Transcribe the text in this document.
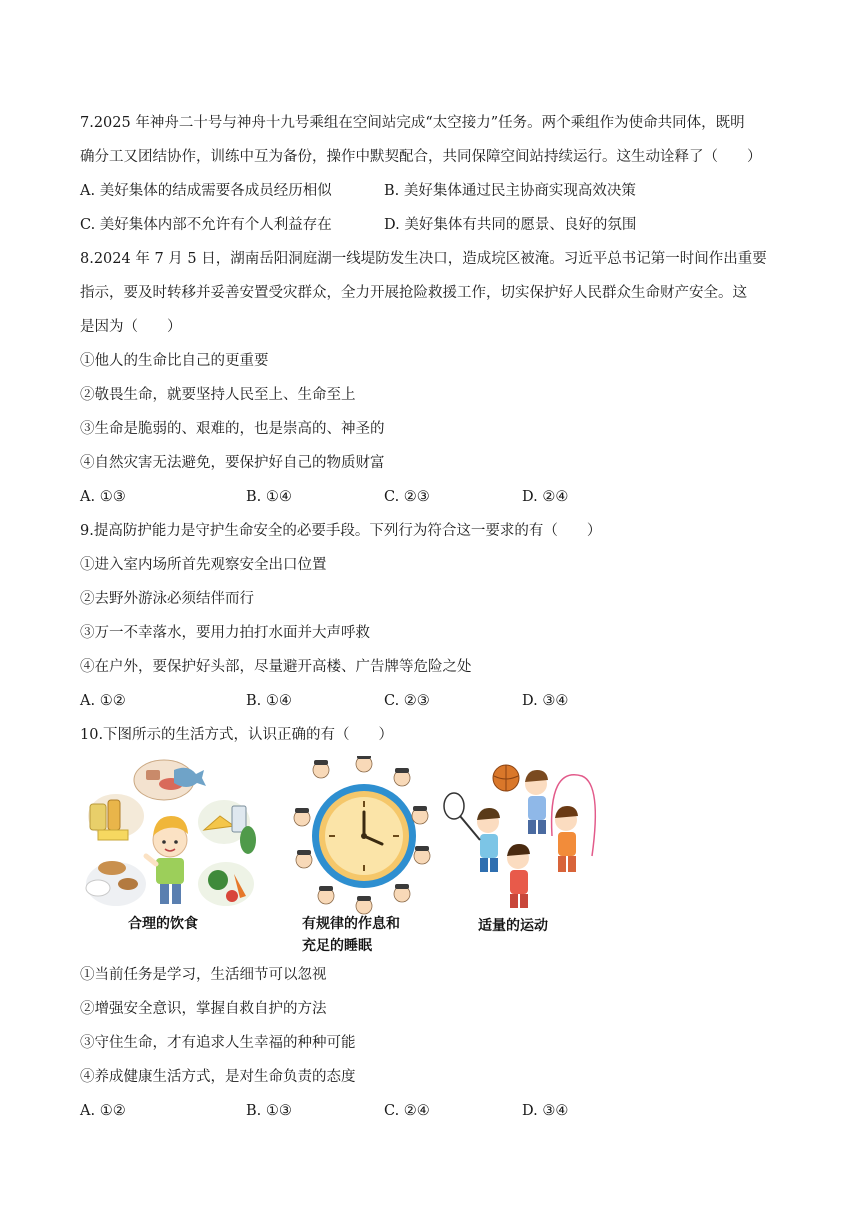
7.2025 年神舟二十号与神舟十九号乘组在空间站完成“太空接力”任务。两个乘组作为使命共同体，既明
确分工又团结协作，训练中互为备份，操作中默契配合，共同保障空间站持续运行。这生动诠释了（　　）
A. 美好集体的结成需要各成员经历相似	B. 美好集体通过民主协商实现高效决策
C. 美好集体内部不允许有个人利益存在	D. 美好集体有共同的愿景、良好的氛围
8.2024 年 7 月 5 日，湖南岳阳洞庭湖一线堤防发生决口，造成垸区被淹。习近平总书记第一时间作出重要
指示，要及时转移并妥善安置受灾群众，全力开展抢险救援工作，切实保护好人民群众生命财产安全。这
是因为（　　）
①他人的生命比自己的更重要
②敬畏生命，就要坚持人民至上、生命至上
③生命是脆弱的、艰难的，也是崇高的、神圣的
④自然灾害无法避免，要保护好自己的物质财富
A. ①③	B. ①④	C. ②③	D. ②④
9.提高防护能力是守护生命安全的必要手段。下列行为符合这一要求的有（　　）
①进入室内场所首先观察安全出口位置
②去野外游泳必须结伴而行
③万一不幸落水，要用力拍打水面并大声呼救
④在户外，要保护好头部，尽量避开高楼、广告牌等危险之处
A. ①②	B. ①④	C. ②③	D. ③④
10.下图所示的生活方式，认识正确的有（　　）
合理的饮食	有规律的作息和
充足的睡眠
适量的运动
①当前任务是学习，生活细节可以忽视
②增强安全意识，掌握自救自护的方法
③守住生命，才有追求人生幸福的种种可能
④养成健康生活方式，是对生命负责的态度
A. ①②	B. ①③	C. ②④	D. ③④
